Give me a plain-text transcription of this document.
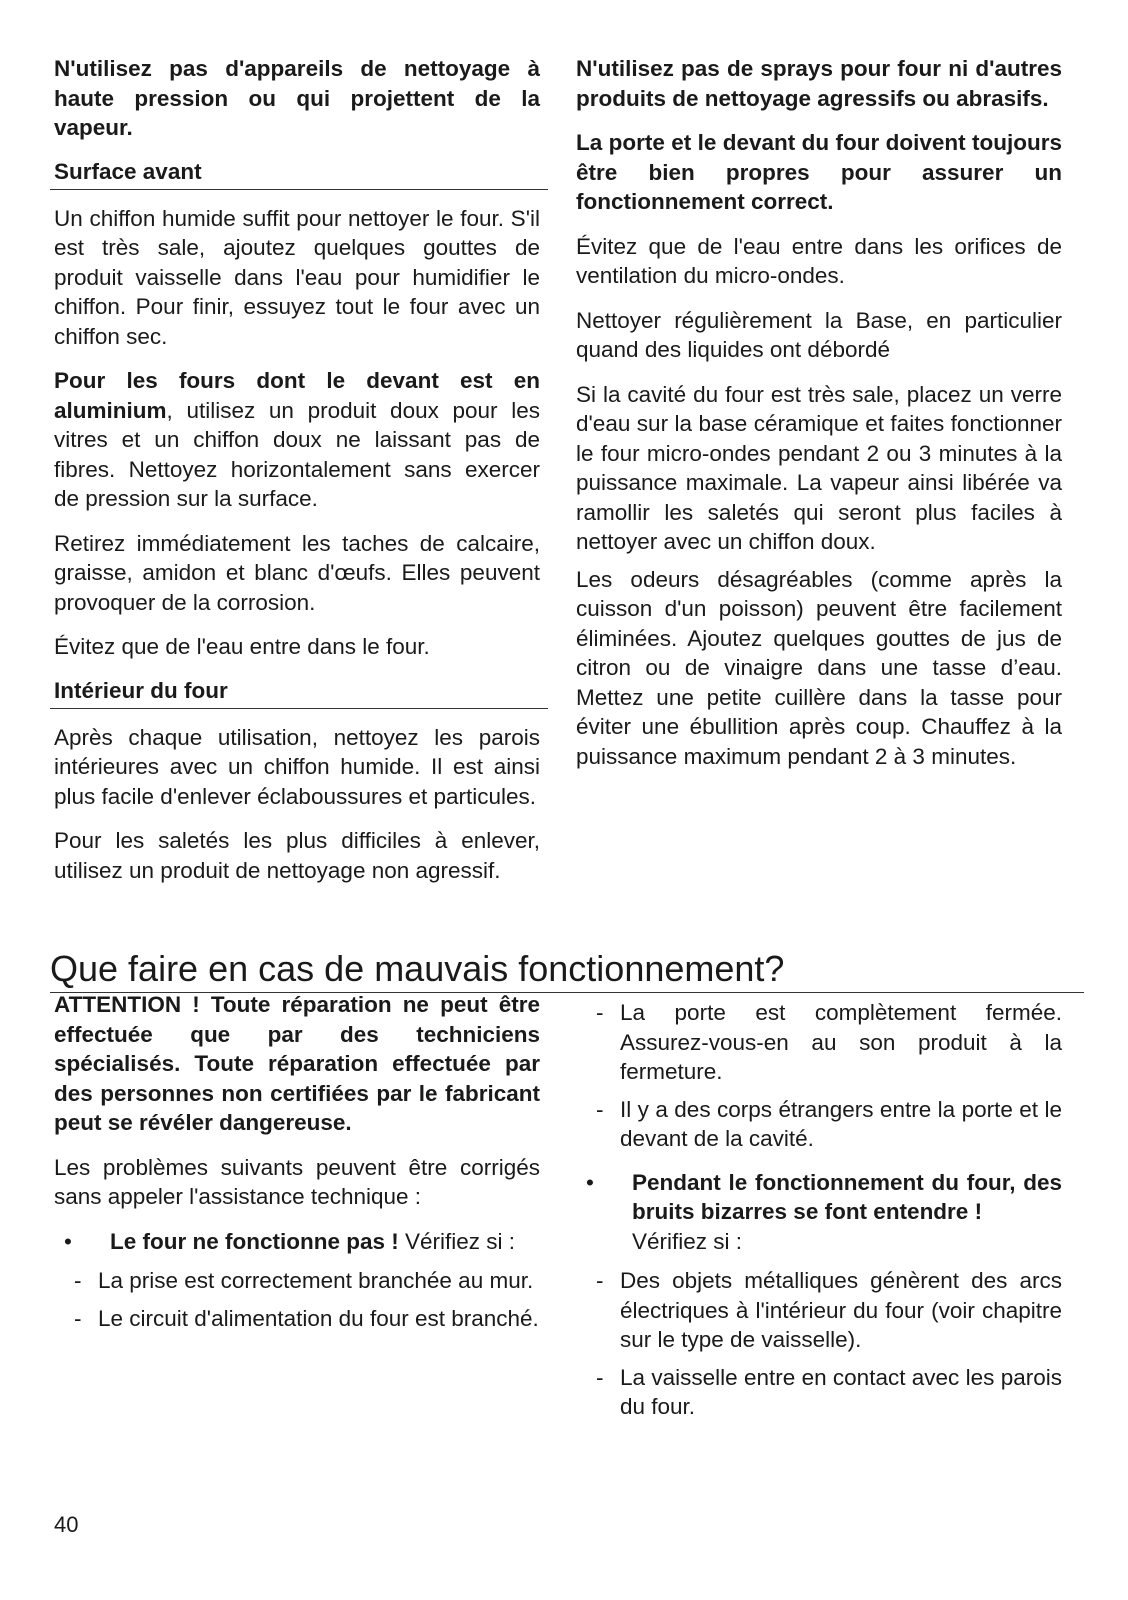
N'utilisez pas d'appareils de nettoyage à haute pression ou qui projettent de la vapeur.

Surface avant

Un chiffon humide suffit pour nettoyer le four. S'il est très sale, ajoutez quelques gouttes de produit vaisselle dans l'eau pour humidifier le chiffon. Pour finir, essuyez tout le four avec un chiffon sec.

Pour les fours dont le devant est en aluminium, utilisez un produit doux pour les vitres et un chiffon doux ne laissant pas de fibres. Nettoyez horizontalement sans exercer de pression sur la surface.

Retirez immédiatement les taches de calcaire, graisse, amidon et blanc d'œufs. Elles peuvent provoquer de la corrosion.

Évitez que de l'eau entre dans le four.

Intérieur du four

Après chaque utilisation, nettoyez les parois intérieures avec un chiffon humide. Il est ainsi plus facile d'enlever éclaboussures et particules.

Pour les saletés les plus difficiles à enlever, utilisez un produit de nettoyage non agressif.

N'utilisez pas de sprays pour four ni d'autres produits de nettoyage agressifs ou abrasifs.

La porte et le devant du four doivent toujours être bien propres pour assurer un fonctionnement correct.

Évitez que de l'eau entre dans les orifices de ventilation du micro-ondes.

Nettoyer régulièrement la Base, en particulier quand des liquides ont débordé

Si la cavité du four est très sale, placez un verre d'eau sur la base céramique et faites fonctionner le four micro-ondes pendant 2 ou 3 minutes à la puissance maximale. La vapeur ainsi libérée va ramollir les saletés qui seront plus faciles à nettoyer avec un chiffon doux.

Les odeurs désagréables (comme après la cuisson d'un poisson) peuvent être facilement éliminées. Ajoutez quelques gouttes de jus de citron ou de vinaigre dans une tasse d’eau. Mettez une petite cuillère dans la tasse pour éviter une ébullition après coup. Chauffez à la puissance maximum pendant 2 à 3 minutes.

Que faire en cas de mauvais fonctionnement?

ATTENTION ! Toute réparation ne peut être effectuée que par des techniciens spécialisés. Toute réparation effectuée par des personnes non certifiées par le fabricant peut se révéler dangereuse.

Les problèmes suivants peuvent être corrigés sans appeler l'assistance technique :

• Le four ne fonctionne pas ! Vérifiez si :
- La prise est correctement branchée au mur.
- Le circuit d'alimentation du four est branché.
- La porte est complètement fermée. Assurez-vous-en au son produit à la fermeture.
- Il y a des corps étrangers entre la porte et le devant de la cavité.
• Pendant le fonctionnement du four, des bruits bizarres se font entendre !
Vérifiez si :
- Des objets métalliques génèrent des arcs électriques à l'intérieur du four (voir chapitre sur le type de vaisselle).
- La vaisselle entre en contact avec les parois du four.
40
